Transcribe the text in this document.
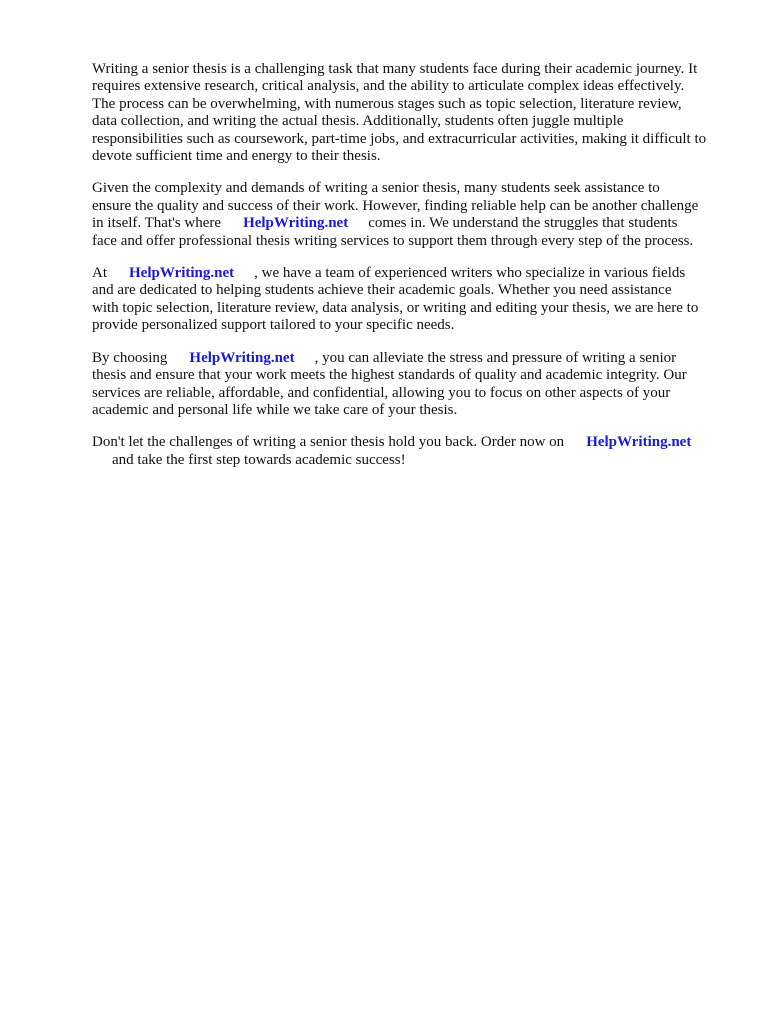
Writing a senior thesis is a challenging task that many students face during their academic journey. It
requires extensive research, critical analysis, and the ability to articulate complex ideas effectively.
The process can be overwhelming, with numerous stages such as topic selection, literature review,
data collection, and writing the actual thesis. Additionally, students often juggle multiple
responsibilities such as coursework, part-time jobs, and extracurricular activities, making it difficult to
devote sufficient time and energy to their thesis.

Given the complexity and demands of writing a senior thesis, many students seek assistance to
ensure the quality and success of their work. However, finding reliable help can be another challenge
in itself. That's where HelpWriting.net comes in. We understand the struggles that students
face and offer professional thesis writing services to support them through every step of the process.

At HelpWriting.net , we have a team of experienced writers who specialize in various fields
and are dedicated to helping students achieve their academic goals. Whether you need assistance
with topic selection, literature review, data analysis, or writing and editing your thesis, we are here to
provide personalized support tailored to your specific needs.

By choosing HelpWriting.net , you can alleviate the stress and pressure of writing a senior
thesis and ensure that your work meets the highest standards of quality and academic integrity. Our
services are reliable, affordable, and confidential, allowing you to focus on other aspects of your
academic and personal life while we take care of your thesis.

Don't let the challenges of writing a senior thesis hold you back. Order now on HelpWriting.net
and take the first step towards academic success!
